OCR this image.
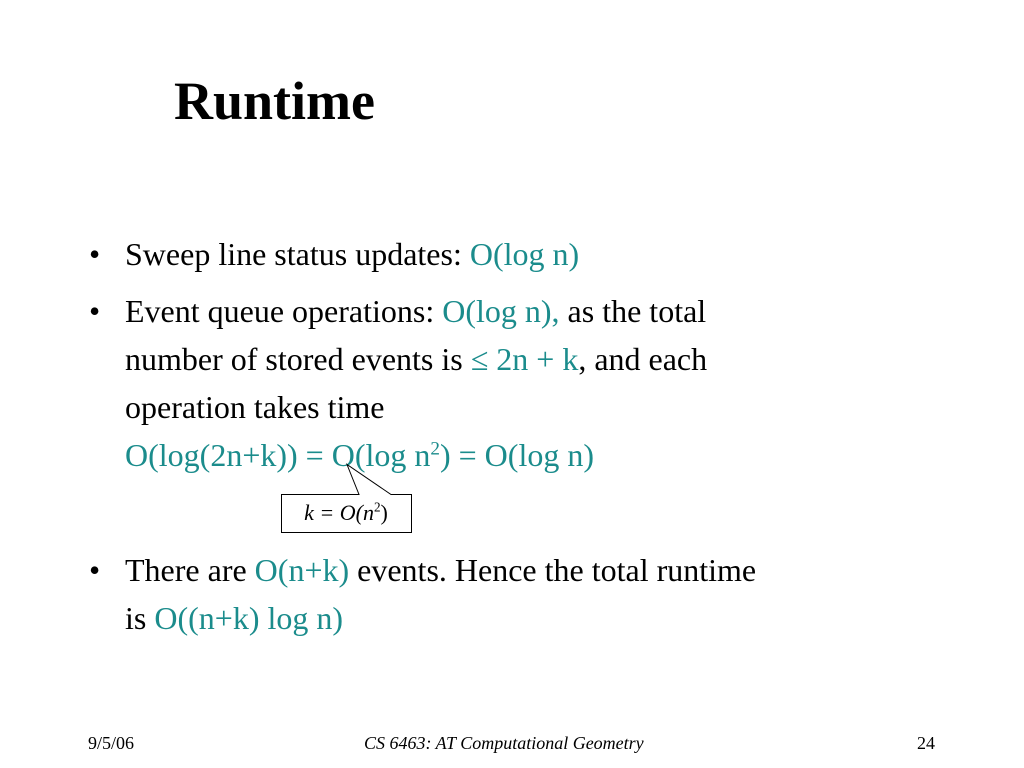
Runtime
• Sweep line status updates: O(log n)
• Event queue operations: O(log n), as the total
number of stored events is ≤ 2n + k, and each
operation takes time
O(log(2n+k)) = O(log $n^2) = O(\log$ n)
• There are O(n+k) events. Hence the total runtime
is O((n+k) log n)
$k = O(n^2)$
9/5/06	CS 6463: AT Computational Geometry	24
